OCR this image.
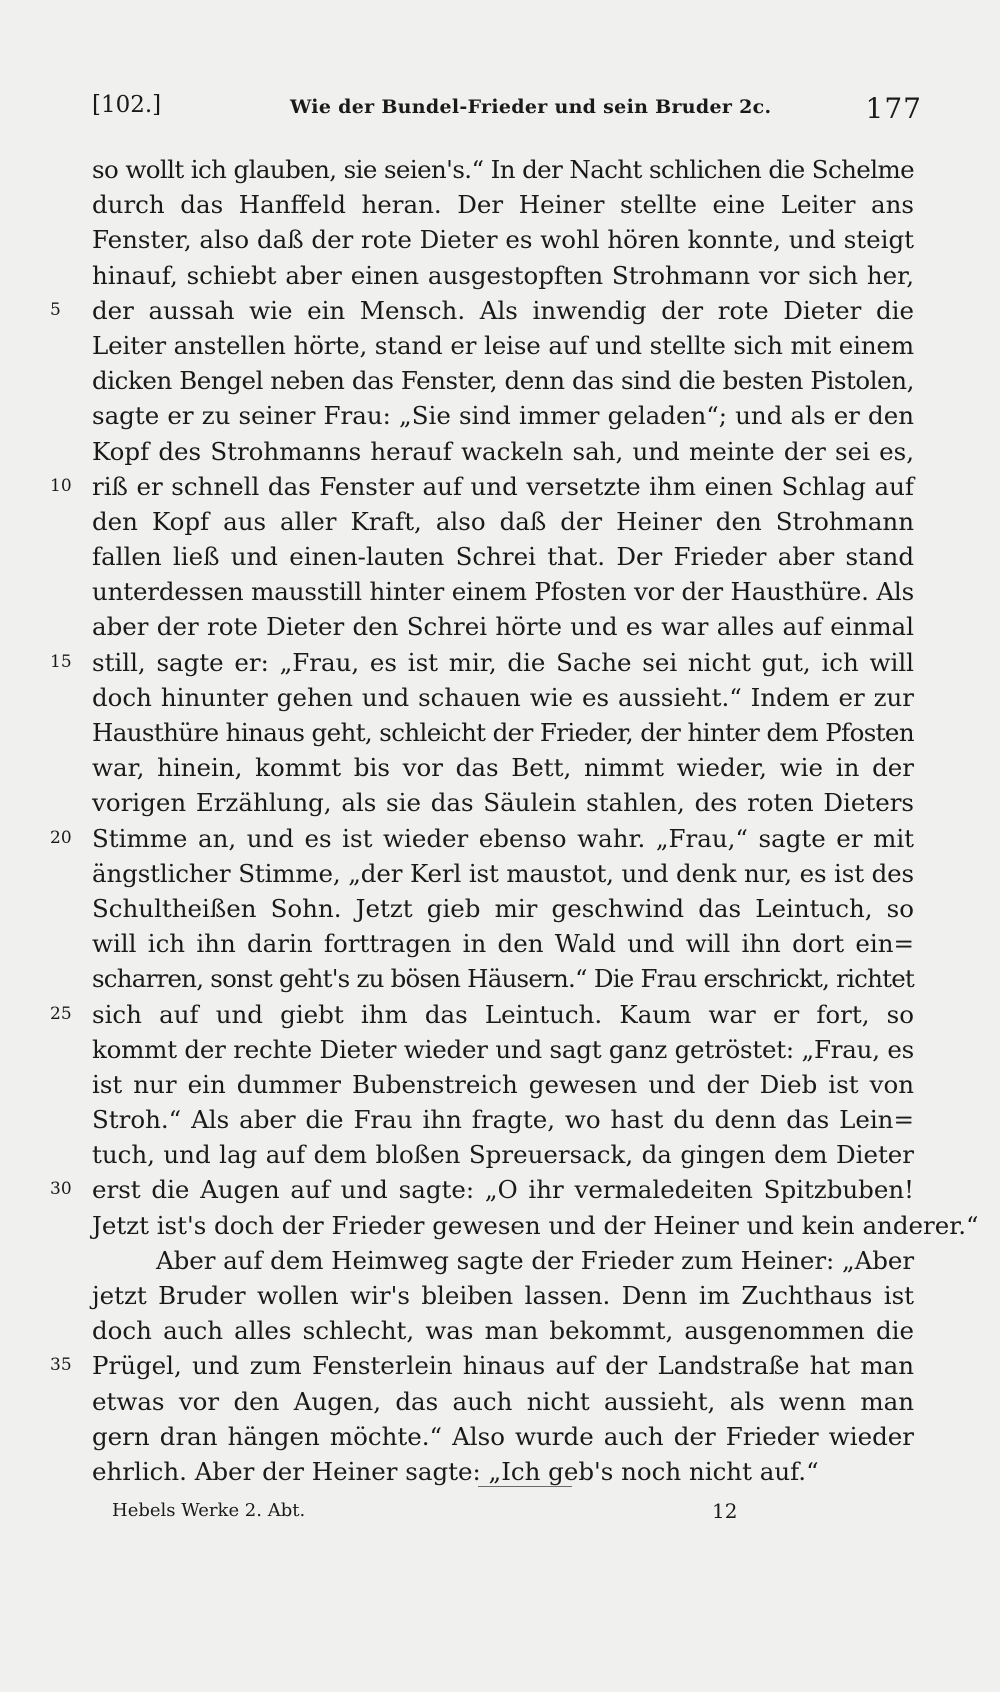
[102.]	Wie der Bundel-Frieder und sein Bruder 2c.	177
so wollt ich glauben, sie seien's.“ In der Nacht schlichen die Schelme
durch das Hanffeld heran. Der Heiner stellte eine Leiter ans
Fenster, also daß der rote Dieter es wohl hören konnte, und steigt
hinauf, schiebt aber einen ausgestopften Strohmann vor sich her,
5	der aussah wie ein Mensch. Als inwendig der rote Dieter die
Leiter anstellen hörte, stand er leise auf und stellte sich mit einem
dicken Bengel neben das Fenster, denn das sind die besten Pistolen,
sagte er zu seiner Frau: „Sie sind immer geladen“; und als er den
Kopf des Strohmanns herauf wackeln sah, und meinte der sei es,
10 riß er schnell das Fenster auf und versetzte ihm einen Schlag auf
den Kopf aus aller Kraft, also daß der Heiner den Strohmann
fallen ließ und einen-lauten Schrei that. Der Frieder aber stand
unterdessen mausstill hinter einem Pfosten vor der Hausthüre. Als
aber der rote Dieter den Schrei hörte und es war alles auf einmal
15 still, sagte er: „Frau, es ist mir, die Sache sei nicht gut, ich will
doch hinunter gehen und schauen wie es aussieht.“ Indem er zur
Hausthüre hinaus geht, schleicht der Frieder, der hinter dem Pfosten
war, hinein, kommt bis vor das Bett, nimmt wieder, wie in der
vorigen Erzählung, als sie das Säulein stahlen, des roten Dieters
20 Stimme an, und es ist wieder ebenso wahr. „Frau,“ sagte er mit
ängstlicher Stimme, „der Kerl ist maustot, und denk nur, es ist des
Schultheißen Sohn. Jetzt gieb mir geschwind das Leintuch, so
will ich ihn darin forttragen in den Wald und will ihn dort ein=
scharren, sonst geht's zu bösen Häusern.“ Die Frau erschrickt, richtet
25 sich auf und giebt ihm das Leintuch. Kaum war er fort, so
kommt der rechte Dieter wieder und sagt ganz getröstet: „Frau, es
ist nur ein dummer Bubenstreich gewesen und der Dieb ist von
Stroh.“ Als aber die Frau ihn fragte, wo hast du denn das Lein=
tuch, und lag auf dem bloßen Spreuersack, da gingen dem Dieter
30 erst die Augen auf und sagte: „O ihr vermaledeiten Spitzbuben!
Jetzt ist's doch der Frieder gewesen und der Heiner und kein anderer.“
Aber auf dem Heimweg sagte der Frieder zum Heiner: „Aber
jetzt Bruder wollen wir's bleiben lassen. Denn im Zuchthaus ist
doch auch alles schlecht, was man bekommt, ausgenommen die
35 Prügel, und zum Fensterlein hinaus auf der Landstraße hat man
etwas vor den Augen, das auch nicht aussieht, als wenn man
gern dran hängen möchte.“ Also wurde auch der Frieder wieder
ehrlich. Aber der Heiner sagte: „Ich geb's noch nicht auf.“
Hebels Werke 2. Abt.	12
